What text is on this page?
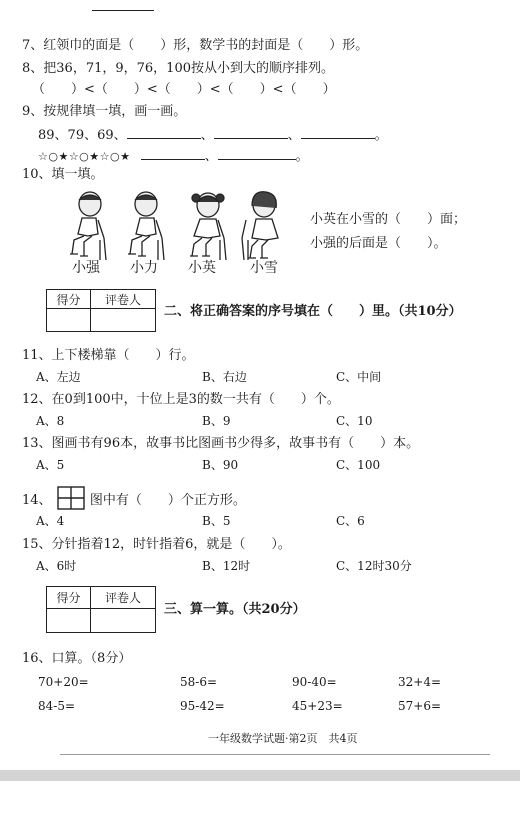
7、红领巾的面是（　　）形，数学书的封面是（　　）形。
8、把36，71，9，76，100按从小到大的顺序排列。
（　　）<（　　）<（　　）<（　　）<（　　）
9、按规律填一填，画一画。
89、79、69、	、	、	。
☆○★☆○★☆○★	、	。
10、填一填。
小强 小力 小英 小雪
小英在小雪的（　　）面；
小强的后面是（　　）。
得分	评卷人

二、将正确答案的序号填在（　　）里。（共10分）
11、上下楼梯靠（　　）行。
A、左边	B、右边	C、中间
12、在0到100中，十位上是3的数一共有（　　）个。
A、8	B、9	C、10
13、图画书有96本，故事书比图画书少得多，故事书有（　　）本。
A、5	B、90	C、100
14、	图中有（　　）个正方形。
A、4	B、5	C、6
15、分针指着12，时针指着6，就是（　　）。
A、6时	B、12时	C、12时30分
得分	评卷人

三、算一算。（共20分）
16、口算。（8分）
70+20=	58-6=	90-40=	32+4=
84-5=	95-42=	45+23=	57+6=
一年级数学试题·第2页　共4页
